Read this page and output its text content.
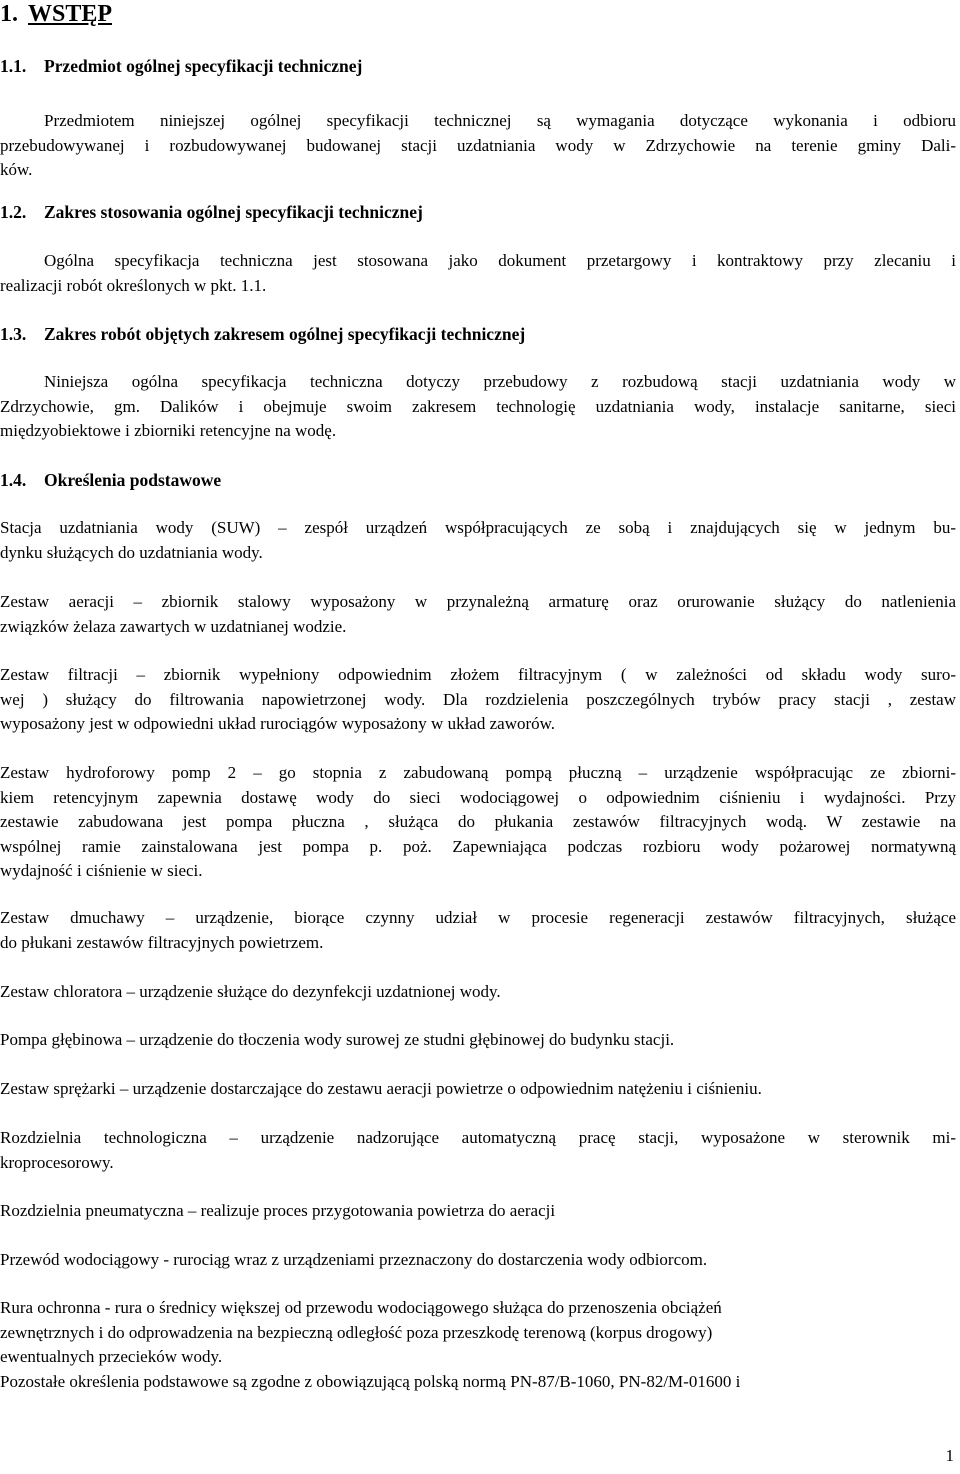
1. WSTĘP
1.1. Przedmiot ogólnej specyfikacji technicznej
Przedmiotem niniejszej ogólnej specyfikacji technicznej są wymagania dotyczące wykonania i odbioru
przebudowywanej i rozbudowywanej budowanej stacji uzdatniania wody w Zdrzychowie na terenie gminy Dali-
ków.
1.2. Zakres stosowania ogólnej specyfikacji technicznej
Ogólna specyfikacja techniczna jest stosowana jako dokument przetargowy i kontraktowy przy zlecaniu i
realizacji robót określonych w pkt. 1.1.
1.3. Zakres robót objętych zakresem ogólnej specyfikacji technicznej
Niniejsza ogólna specyfikacja techniczna dotyczy przebudowy z rozbudową stacji uzdatniania wody w
Zdrzychowie, gm. Dalików i obejmuje swoim zakresem technologię uzdatniania wody, instalacje sanitarne, sieci
międzyobiektowe i zbiorniki retencyjne na wodę.
1.4. Określenia podstawowe
Stacja uzdatniania wody (SUW) – zespół urządzeń współpracujących ze sobą i znajdujących się w jednym bu-
dynku służących do uzdatniania wody.
Zestaw aeracji – zbiornik stalowy wyposażony w przynależną armaturę oraz orurowanie służący do natlenienia
związków żelaza zawartych w uzdatnianej wodzie.
Zestaw filtracji – zbiornik wypełniony odpowiednim złożem filtracyjnym ( w zależności od składu wody suro-
wej ) służący do filtrowania napowietrzonej wody. Dla rozdzielenia poszczególnych trybów pracy stacji , zestaw
wyposażony jest w odpowiedni układ rurociągów wyposażony w układ zaworów.
Zestaw hydroforowy pomp 2 – go stopnia z zabudowaną pompą płuczną – urządzenie współpracując ze zbiorni-
kiem retencyjnym zapewnia dostawę wody do sieci wodociągowej o odpowiednim ciśnieniu i wydajności. Przy
zestawie zabudowana jest pompa płuczna , służąca do płukania zestawów filtracyjnych wodą. W zestawie na
wspólnej ramie zainstalowana jest pompa p. poż. Zapewniająca podczas rozbioru wody pożarowej normatywną
wydajność i ciśnienie w sieci.
Zestaw dmuchawy – urządzenie, biorące czynny udział w procesie regeneracji zestawów filtracyjnych, służące
do płukani zestawów filtracyjnych powietrzem.
Zestaw chloratora – urządzenie służące do dezynfekcji uzdatnionej wody.
Pompa głębinowa – urządzenie do tłoczenia wody surowej ze studni głębinowej do budynku stacji.
Zestaw sprężarki – urządzenie dostarczające do zestawu aeracji powietrze o odpowiednim natężeniu i ciśnieniu.
Rozdzielnia technologiczna – urządzenie nadzorujące automatyczną pracę stacji, wyposażone w sterownik mi-
kroprocesorowy.
Rozdzielnia pneumatyczna – realizuje proces przygotowania powietrza do aeracji
Przewód wodociągowy - rurociąg wraz z urządzeniami przeznaczony do dostarczenia wody odbiorcom.
Rura ochronna - rura o średnicy większej od przewodu wodociągowego służąca do przenoszenia obciążeń
zewnętrznych i do odprowadzenia na bezpieczną odległość poza przeszkodę terenową (korpus drogowy)
ewentualnych przecieków wody.
Pozostałe określenia podstawowe są zgodne z obowiązującą polską normą PN-87/B-1060, PN-82/M-01600 i
1
